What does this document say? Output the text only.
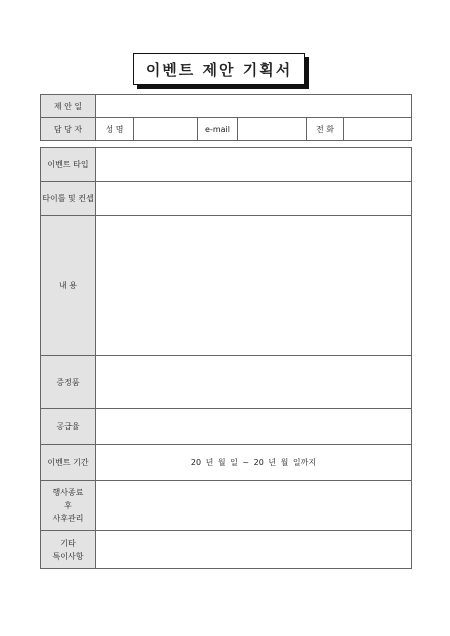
이벤트 제안 기획서
제 안 일						
담 당 자	성 명		e-mail		전 화	
이벤트 타입	
타이틀 및 컨셉	
내 용	
증정품	
공급율	
이벤트 기간	20 년 월 일 ~ 20 년 월 일까지

행사종료
후
사후관리	

기타
특이사항	
